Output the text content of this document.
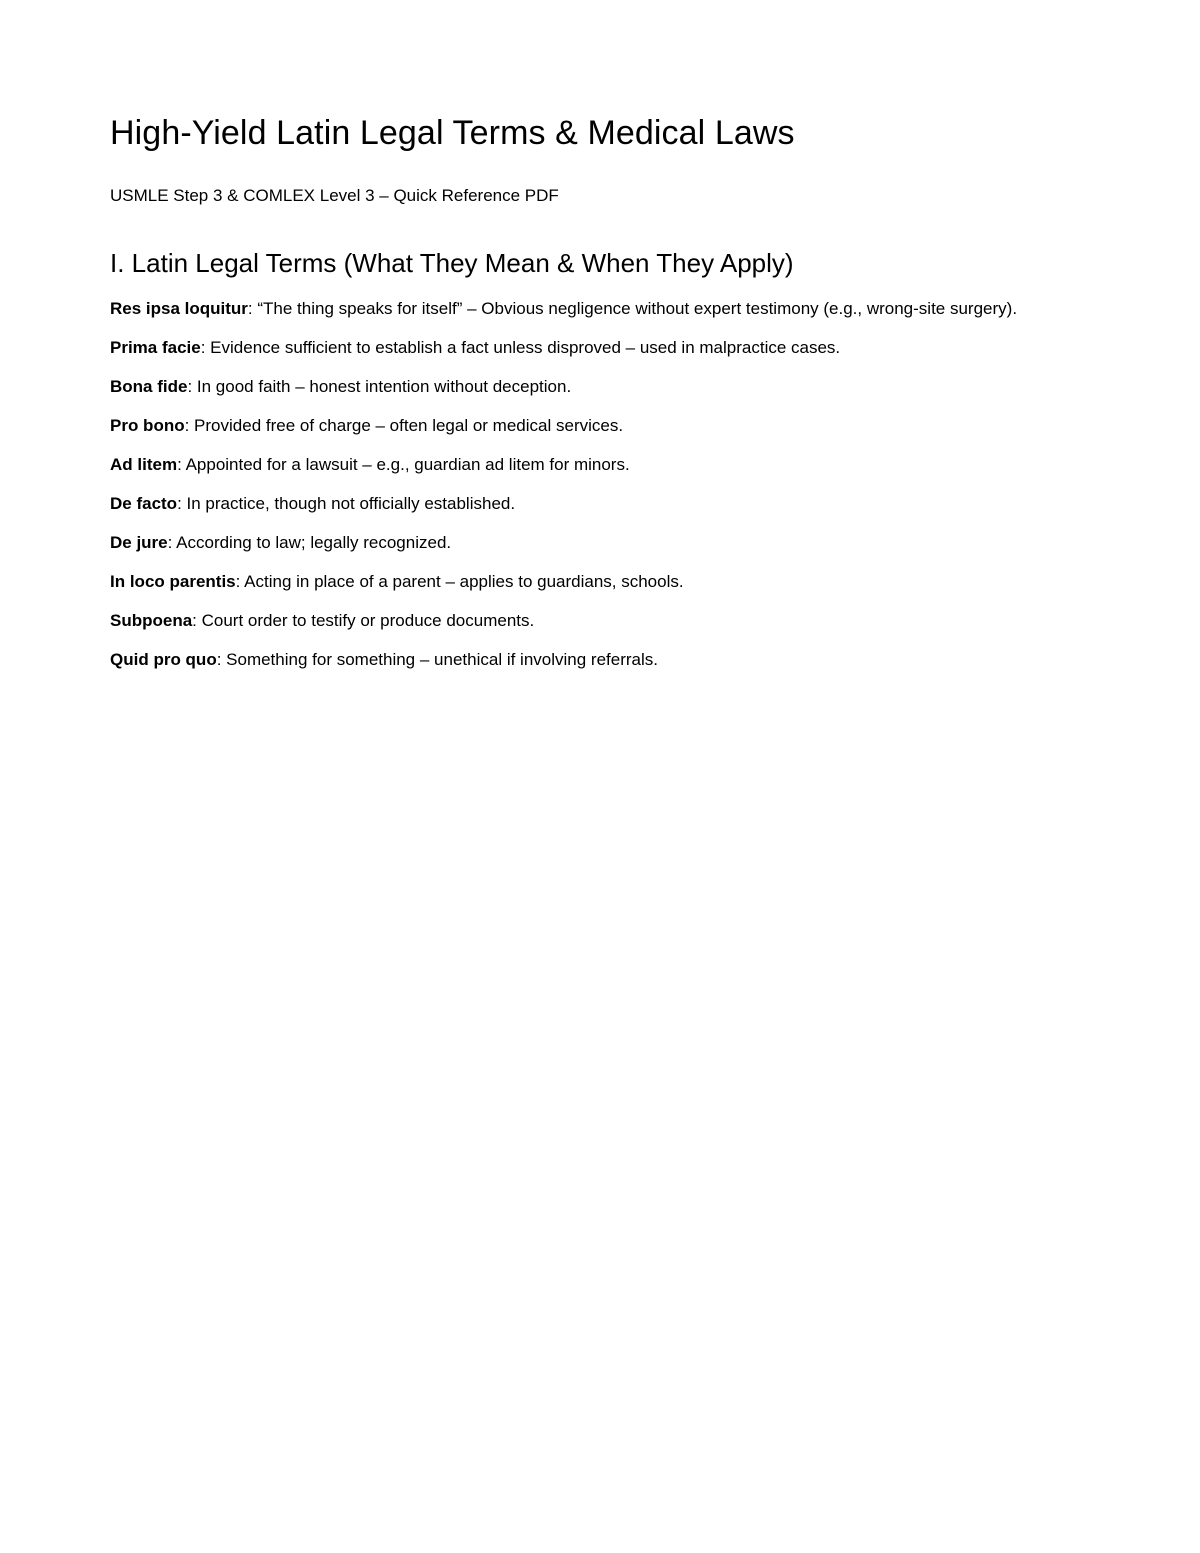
High-Yield Latin Legal Terms & Medical Laws

USMLE Step 3 & COMLEX Level 3 – Quick Reference PDF

I. Latin Legal Terms (What They Mean & When They Apply)
Res ipsa loquitur: “The thing speaks for itself” – Obvious negligence without expert testimony (e.g., wrong-site surgery).
Prima facie: Evidence sufficient to establish a fact unless disproved – used in malpractice cases.
Bona fide: In good faith – honest intention without deception.
Pro bono: Provided free of charge – often legal or medical services.
Ad litem: Appointed for a lawsuit – e.g., guardian ad litem for minors.
De facto: In practice, though not officially established.
De jure: According to law; legally recognized.
In loco parentis: Acting in place of a parent – applies to guardians, schools.
Subpoena: Court order to testify or produce documents.
Quid pro quo: Something for something – unethical if involving referrals.
